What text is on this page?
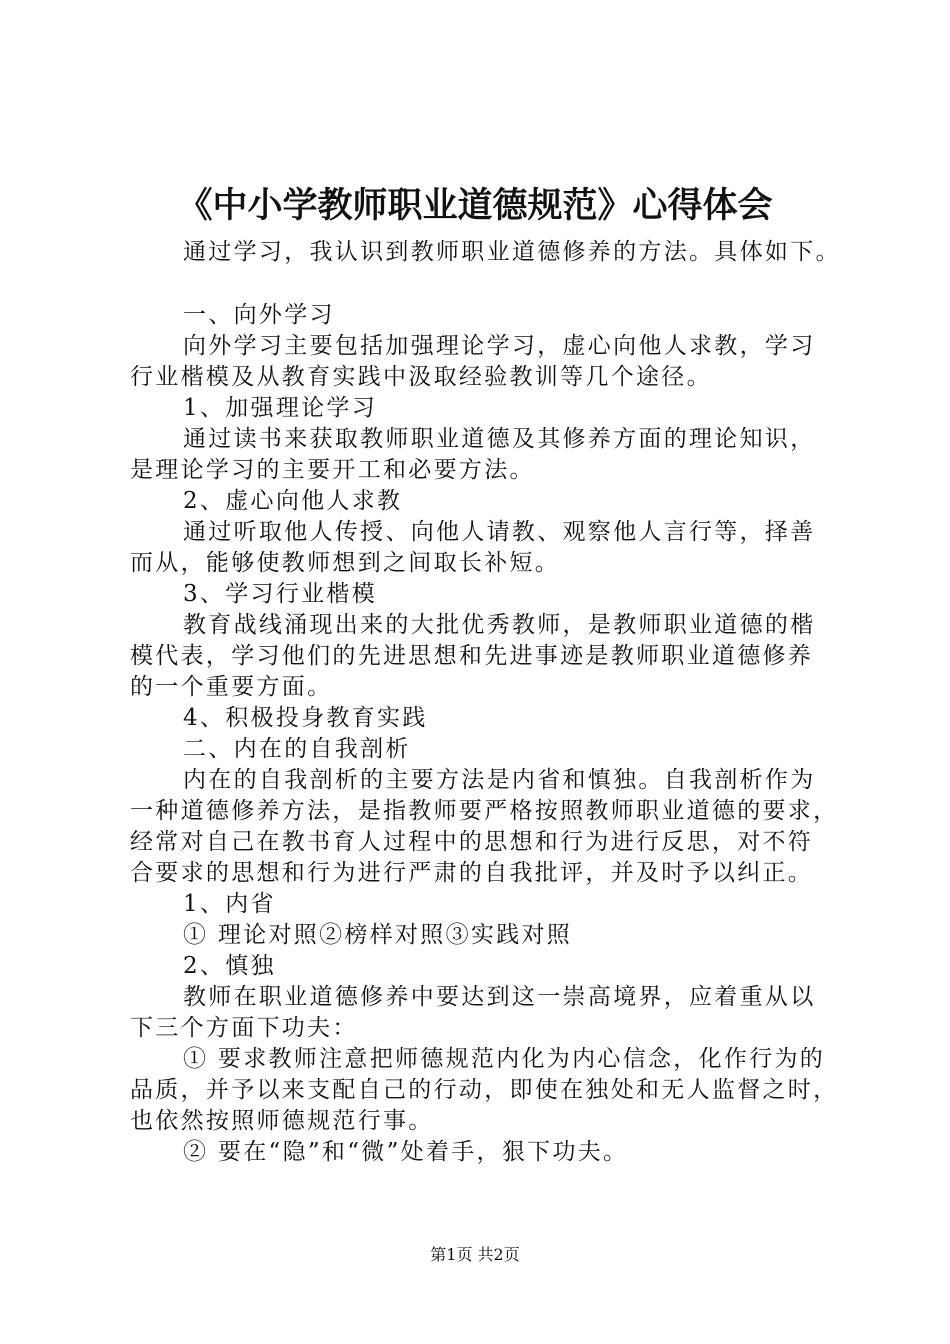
《中小学教师职业道德规范》心得体会
通过学习，我认识到教师职业道德修养的方法。具体如下。
一、向外学习
向外学习主要包括加强理论学习，虚心向他人求教，学习
行业楷模及从教育实践中汲取经验教训等几个途径。
1、加强理论学习
通过读书来获取教师职业道德及其修养方面的理论知识，
是理论学习的主要开工和必要方法。
2、虚心向他人求教
通过听取他人传授、向他人请教、观察他人言行等，择善
而从，能够使教师想到之间取长补短。
3、学习行业楷模
教育战线涌现出来的大批优秀教师，是教师职业道德的楷
模代表，学习他们的先进思想和先进事迹是教师职业道德修养
的一个重要方面。
4、积极投身教育实践
二、内在的自我剖析
内在的自我剖析的主要方法是内省和慎独。自我剖析作为
一种道德修养方法，是指教师要严格按照教师职业道德的要求，
经常对自己在教书育人过程中的思想和行为进行反思，对不符
合要求的思想和行为进行严肃的自我批评，并及时予以纠正。
1、内省
① 理论对照②榜样对照③实践对照
2、慎独
教师在职业道德修养中要达到这一崇高境界，应着重从以
下三个方面下功夫：
① 要求教师注意把师德规范内化为内心信念，化作行为的
品质，并予以来支配自己的行动，即使在独处和无人监督之时，
也依然按照师德规范行事。
② 要在“隐”和“微”处着手，狠下功夫。
第1页 共2页
